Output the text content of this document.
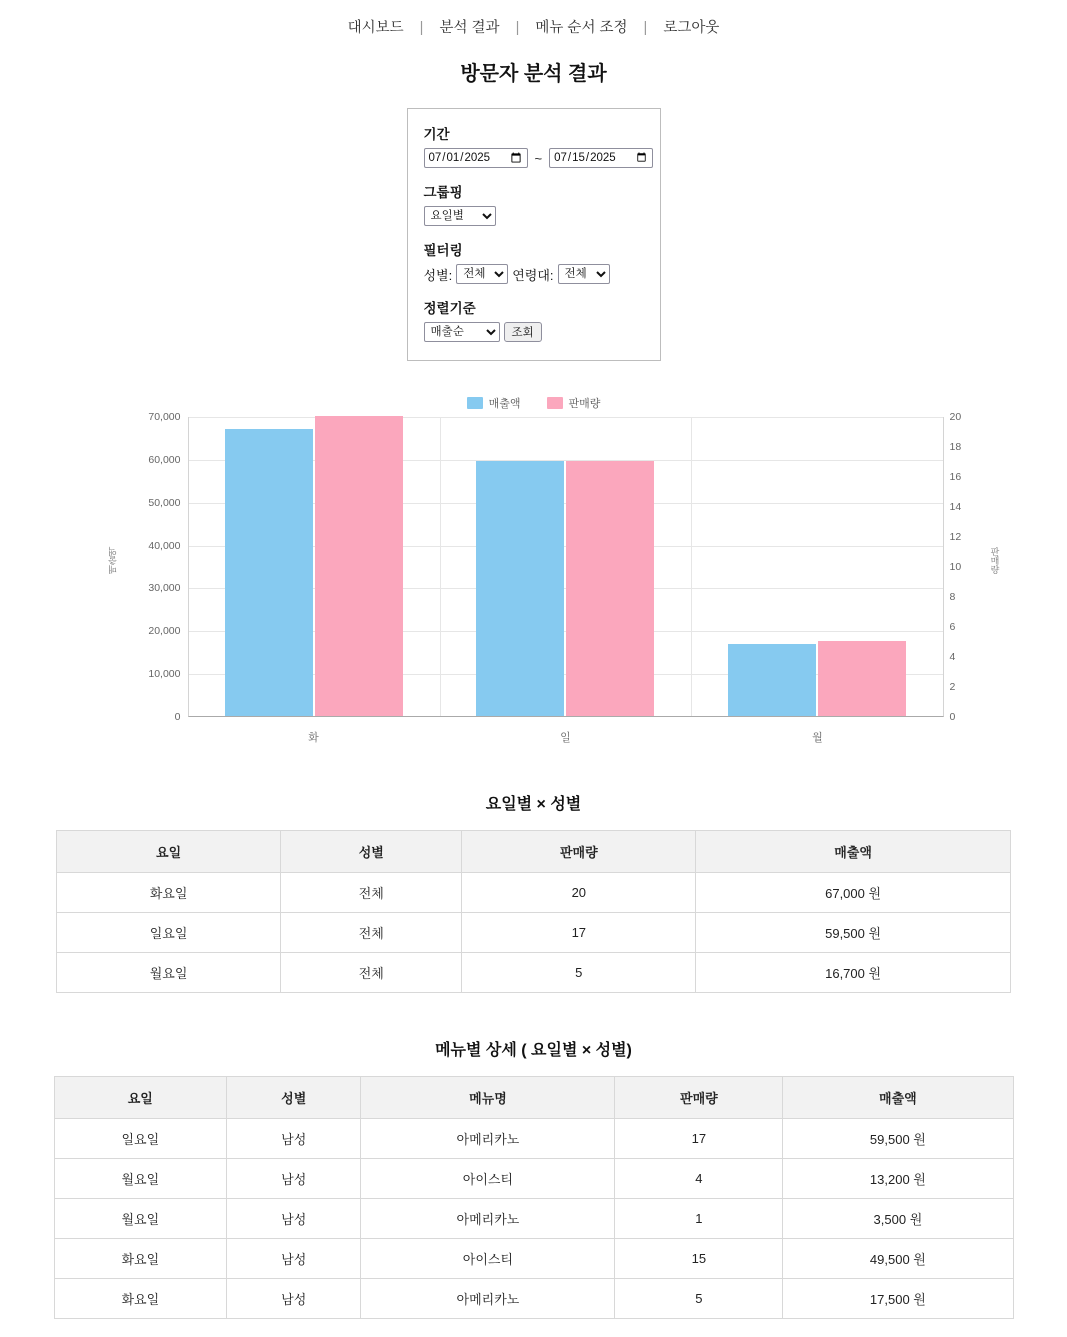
대시보드 | 분석 결과 | 메뉴 순서 조정 | 로그아웃
방문자 분석 결과
기간
2025-07-01
~
2025-07-15
그룹핑
요일별
필터링
성별:
전체	연령대:
전체
정렬기준
매출순
조회
매출액	판매량
매출액	판매량
70,000
60,000
50,000
40,000
30,000
20,000
10,000
0
20
18
16
14
12
10
8
6
4
2
0
화	일	월
요일별 × 성별
요일	성별	판매량	매출액
화요일	전체	20	67,000 원
일요일	전체	17	59,500 원
월요일	전체	5	16,700 원
메뉴별 상세 ( 요일별 × 성별)
요일	성별	메뉴명	판매량	매출액
일요일	남성	아메리카노	17	59,500 원
월요일	남성	아이스티	4	13,200 원
월요일	남성	아메리카노	1	3,500 원
화요일	남성	아이스티	15	49,500 원
화요일	남성	아메리카노	5	17,500 원
